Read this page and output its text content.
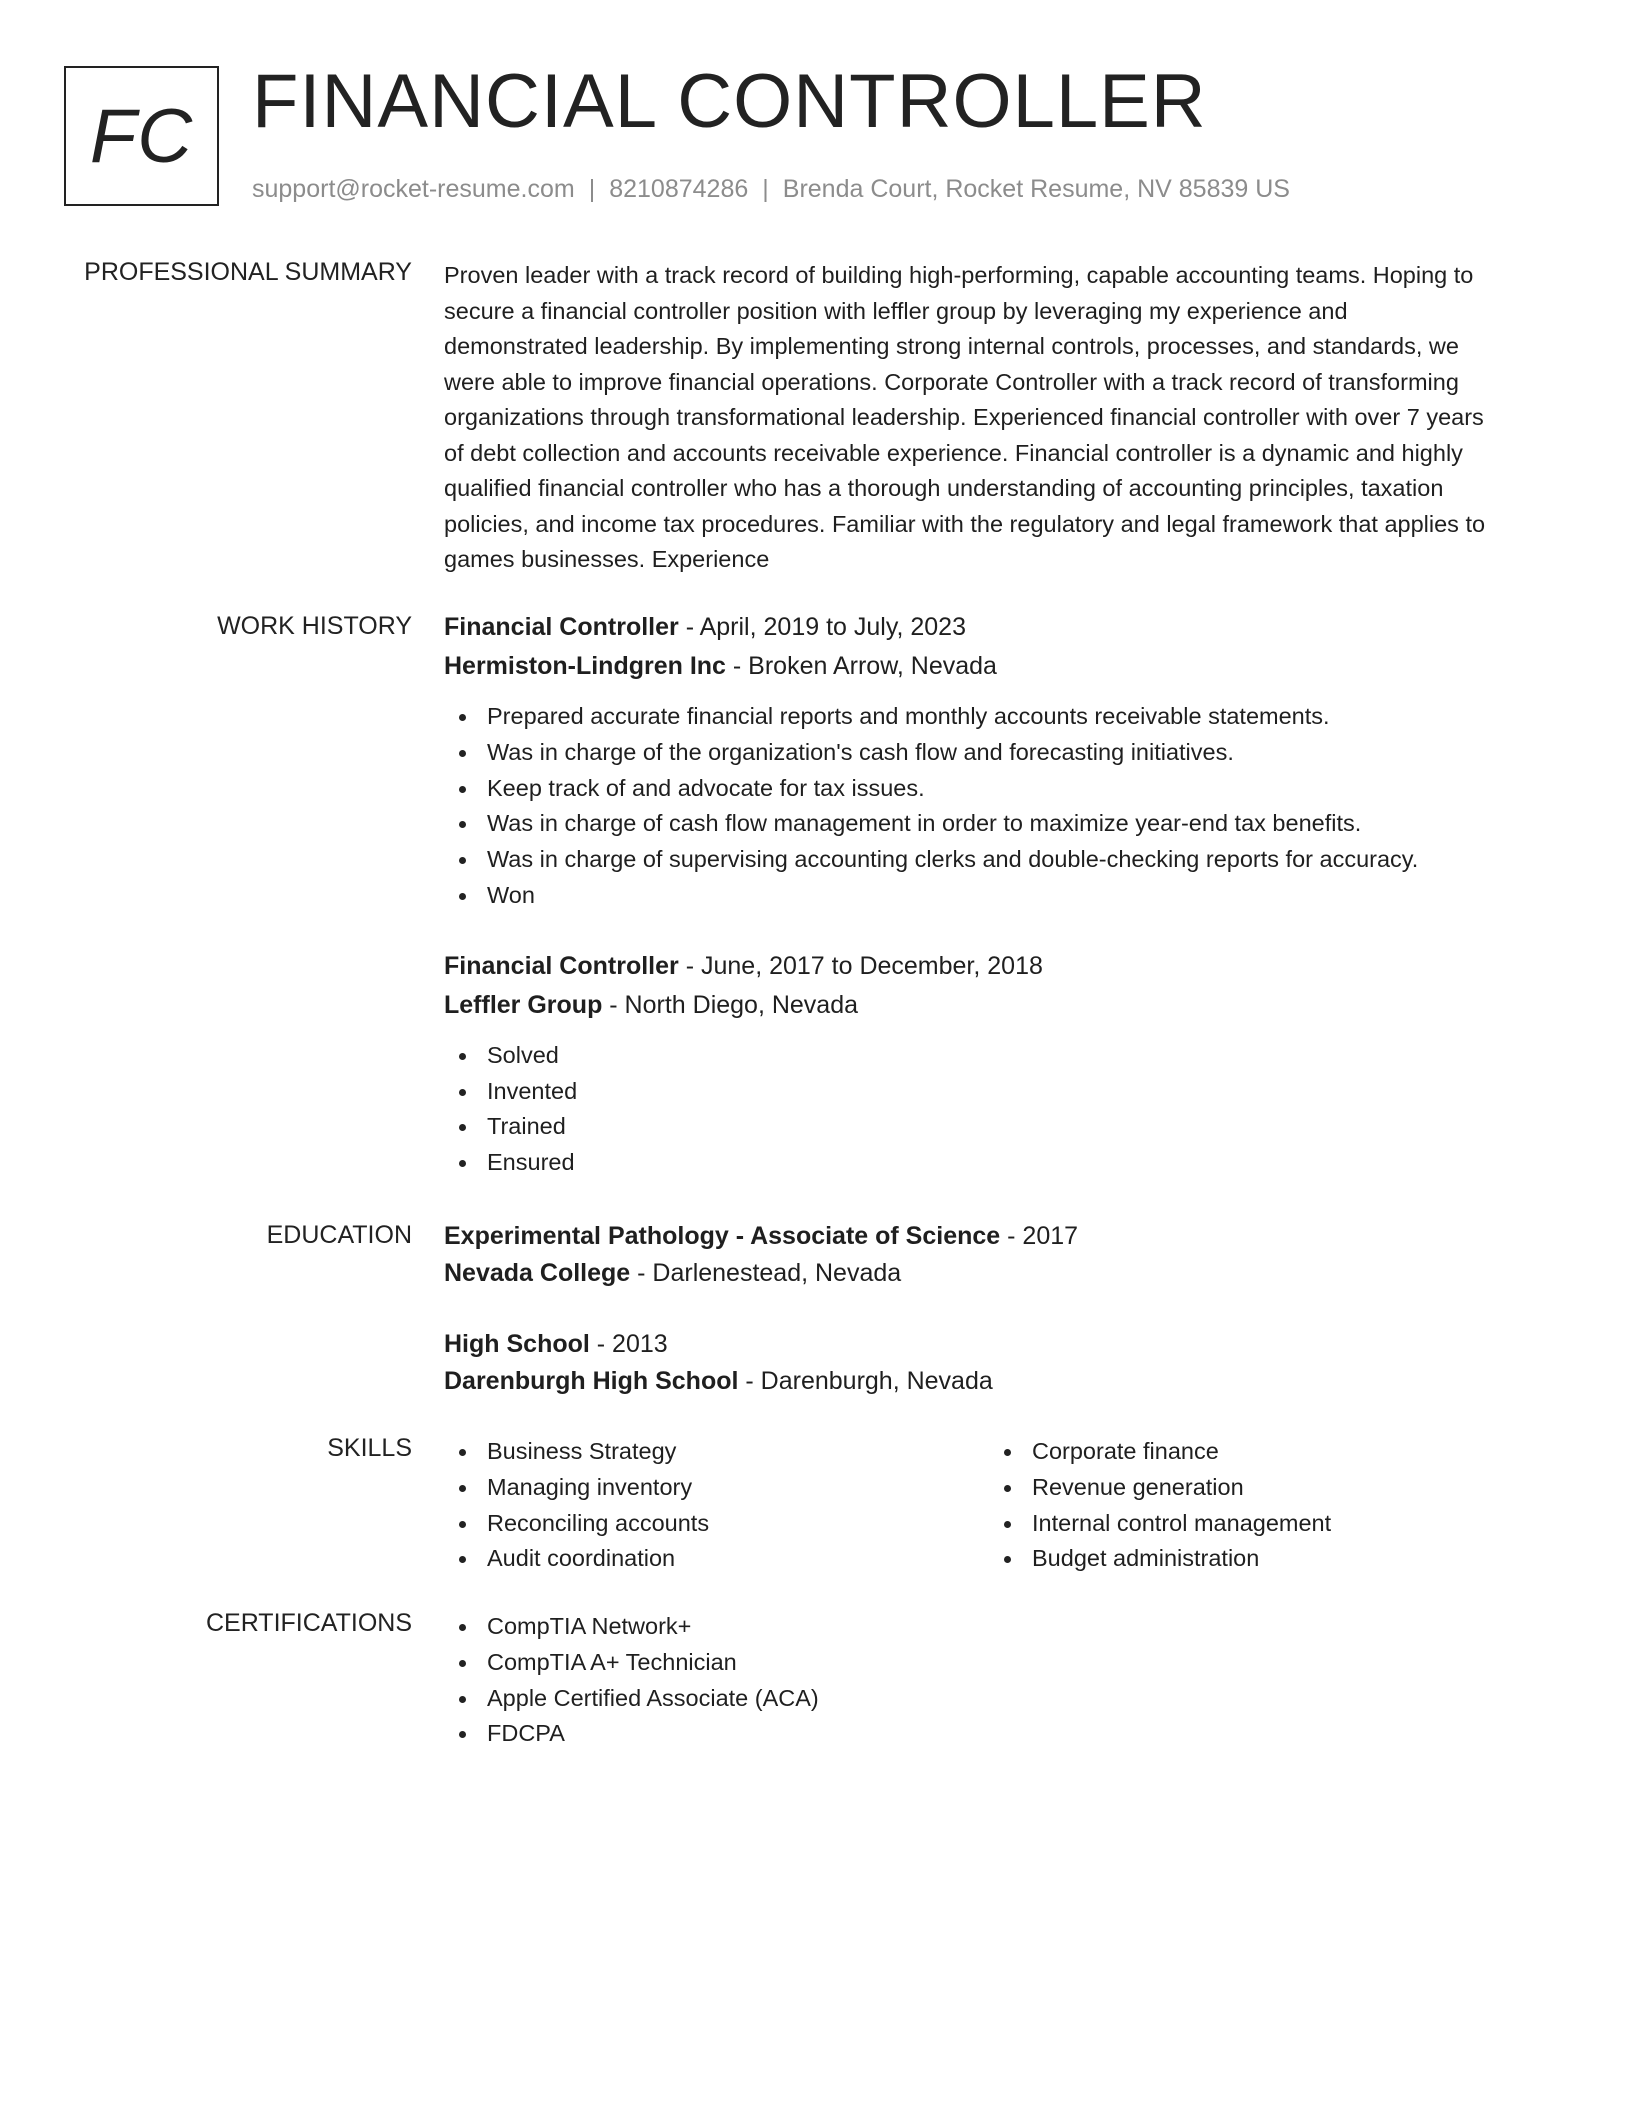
FC FINANCIAL CONTROLLER
support@rocket-resume.com | 8210874286 | Brenda Court, Rocket Resume, NV 85839 US
PROFESSIONAL SUMMARY Proven leader with a track record of building high-performing, capable accounting teams. Hoping to
secure a financial controller position with leffler group by leveraging my experience and
demonstrated leadership. By implementing strong internal controls, processes, and standards, we
were able to improve financial operations. Corporate Controller with a track record of transforming
organizations through transformational leadership. Experienced financial controller with over 7 years
of debt collection and accounts receivable experience. Financial controller is a dynamic and highly
qualified financial controller who has a thorough understanding of accounting principles, taxation
policies, and income tax procedures. Familiar with the regulatory and legal framework that applies to
games businesses. Experience
WORK HISTORY Financial Controller - April, 2019 to July, 2023
Hermiston-Lindgren Inc - Broken Arrow, Nevada
Prepared accurate financial reports and monthly accounts receivable statements.
Was in charge of the organization's cash flow and forecasting initiatives.
Keep track of and advocate for tax issues.
Was in charge of cash flow management in order to maximize year-end tax benefits.
Was in charge of supervising accounting clerks and double-checking reports for accuracy.
Won
Financial Controller - June, 2017 to December, 2018
Leffler Group - North Diego, Nevada
Solved
Invented
Trained
Ensured
EDUCATION Experimental Pathology - Associate of Science - 2017
Nevada College - Darlenestead, Nevada
High School - 2013
Darenburgh High School - Darenburgh, Nevada
SKILLS	Business Strategy
Managing inventory
Reconciling accounts
Audit coordination
Corporate finance
Revenue generation
Internal control management
Budget administration
CERTIFICATIONS	CompTIA Network+
CompTIA A+ Technician
Apple Certified Associate (ACA)
FDCPA
